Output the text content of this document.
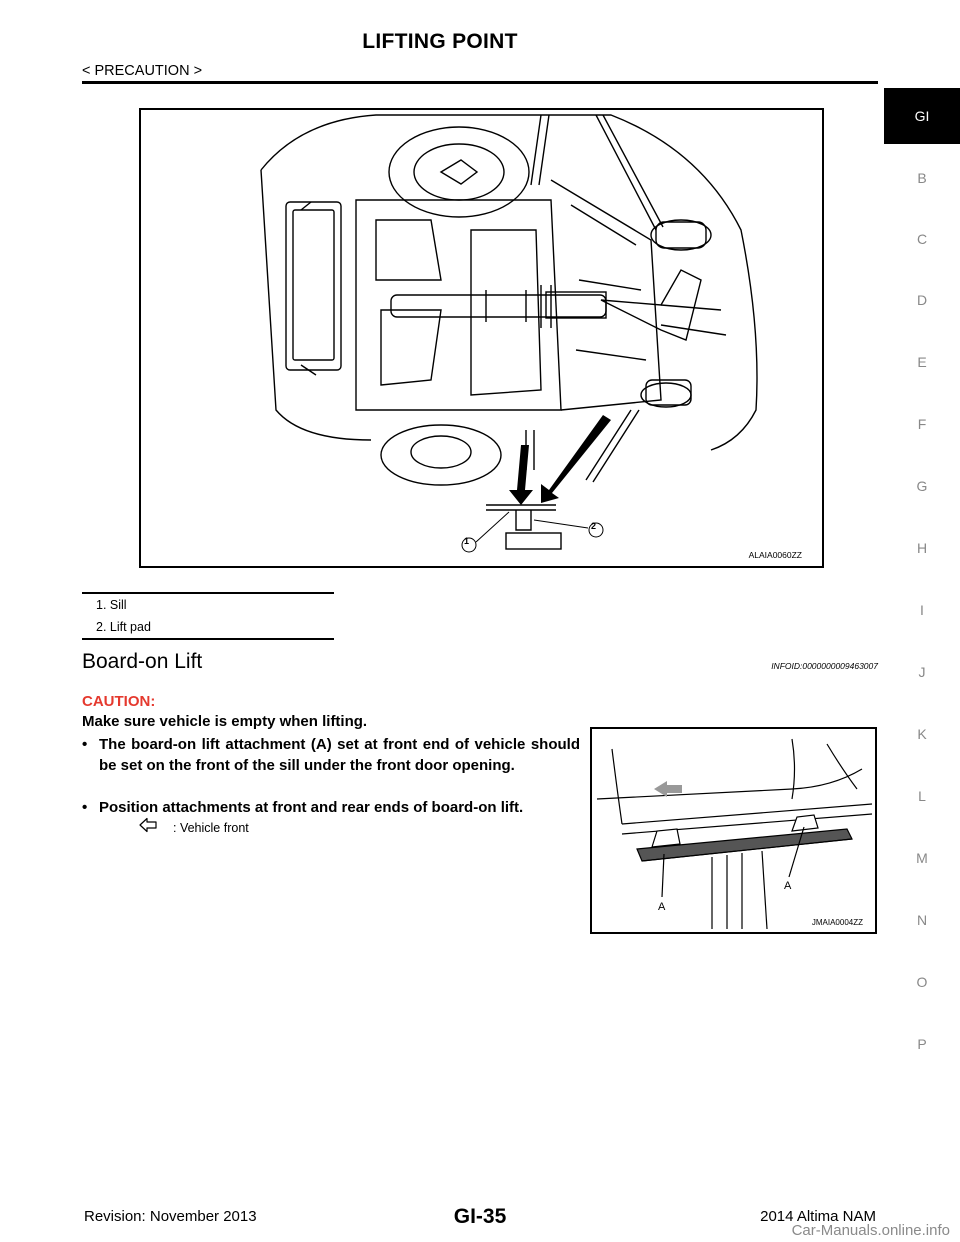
LIFTING POINT
< PRECAUTION >
GI
B
C
D
E
F
G
H
I
J
K
L
M
N
O
P
1
2
ALAIA0060ZZ
1. Sill
2. Lift pad
Board-on Lift	INFOID:0000000009463007
CAUTION:
Make sure vehicle is empty when lifting.
• The board-on lift attachment (A) set at front end of vehicle should be set on the front of the sill under the front door opening.
• Position attachments at front and rear ends of board-on lift.
: Vehicle front
A
A
JMAIA0004ZZ
GI-35
Revision: November 2013	2014 Altima NAM
Car-Manuals.online.info
